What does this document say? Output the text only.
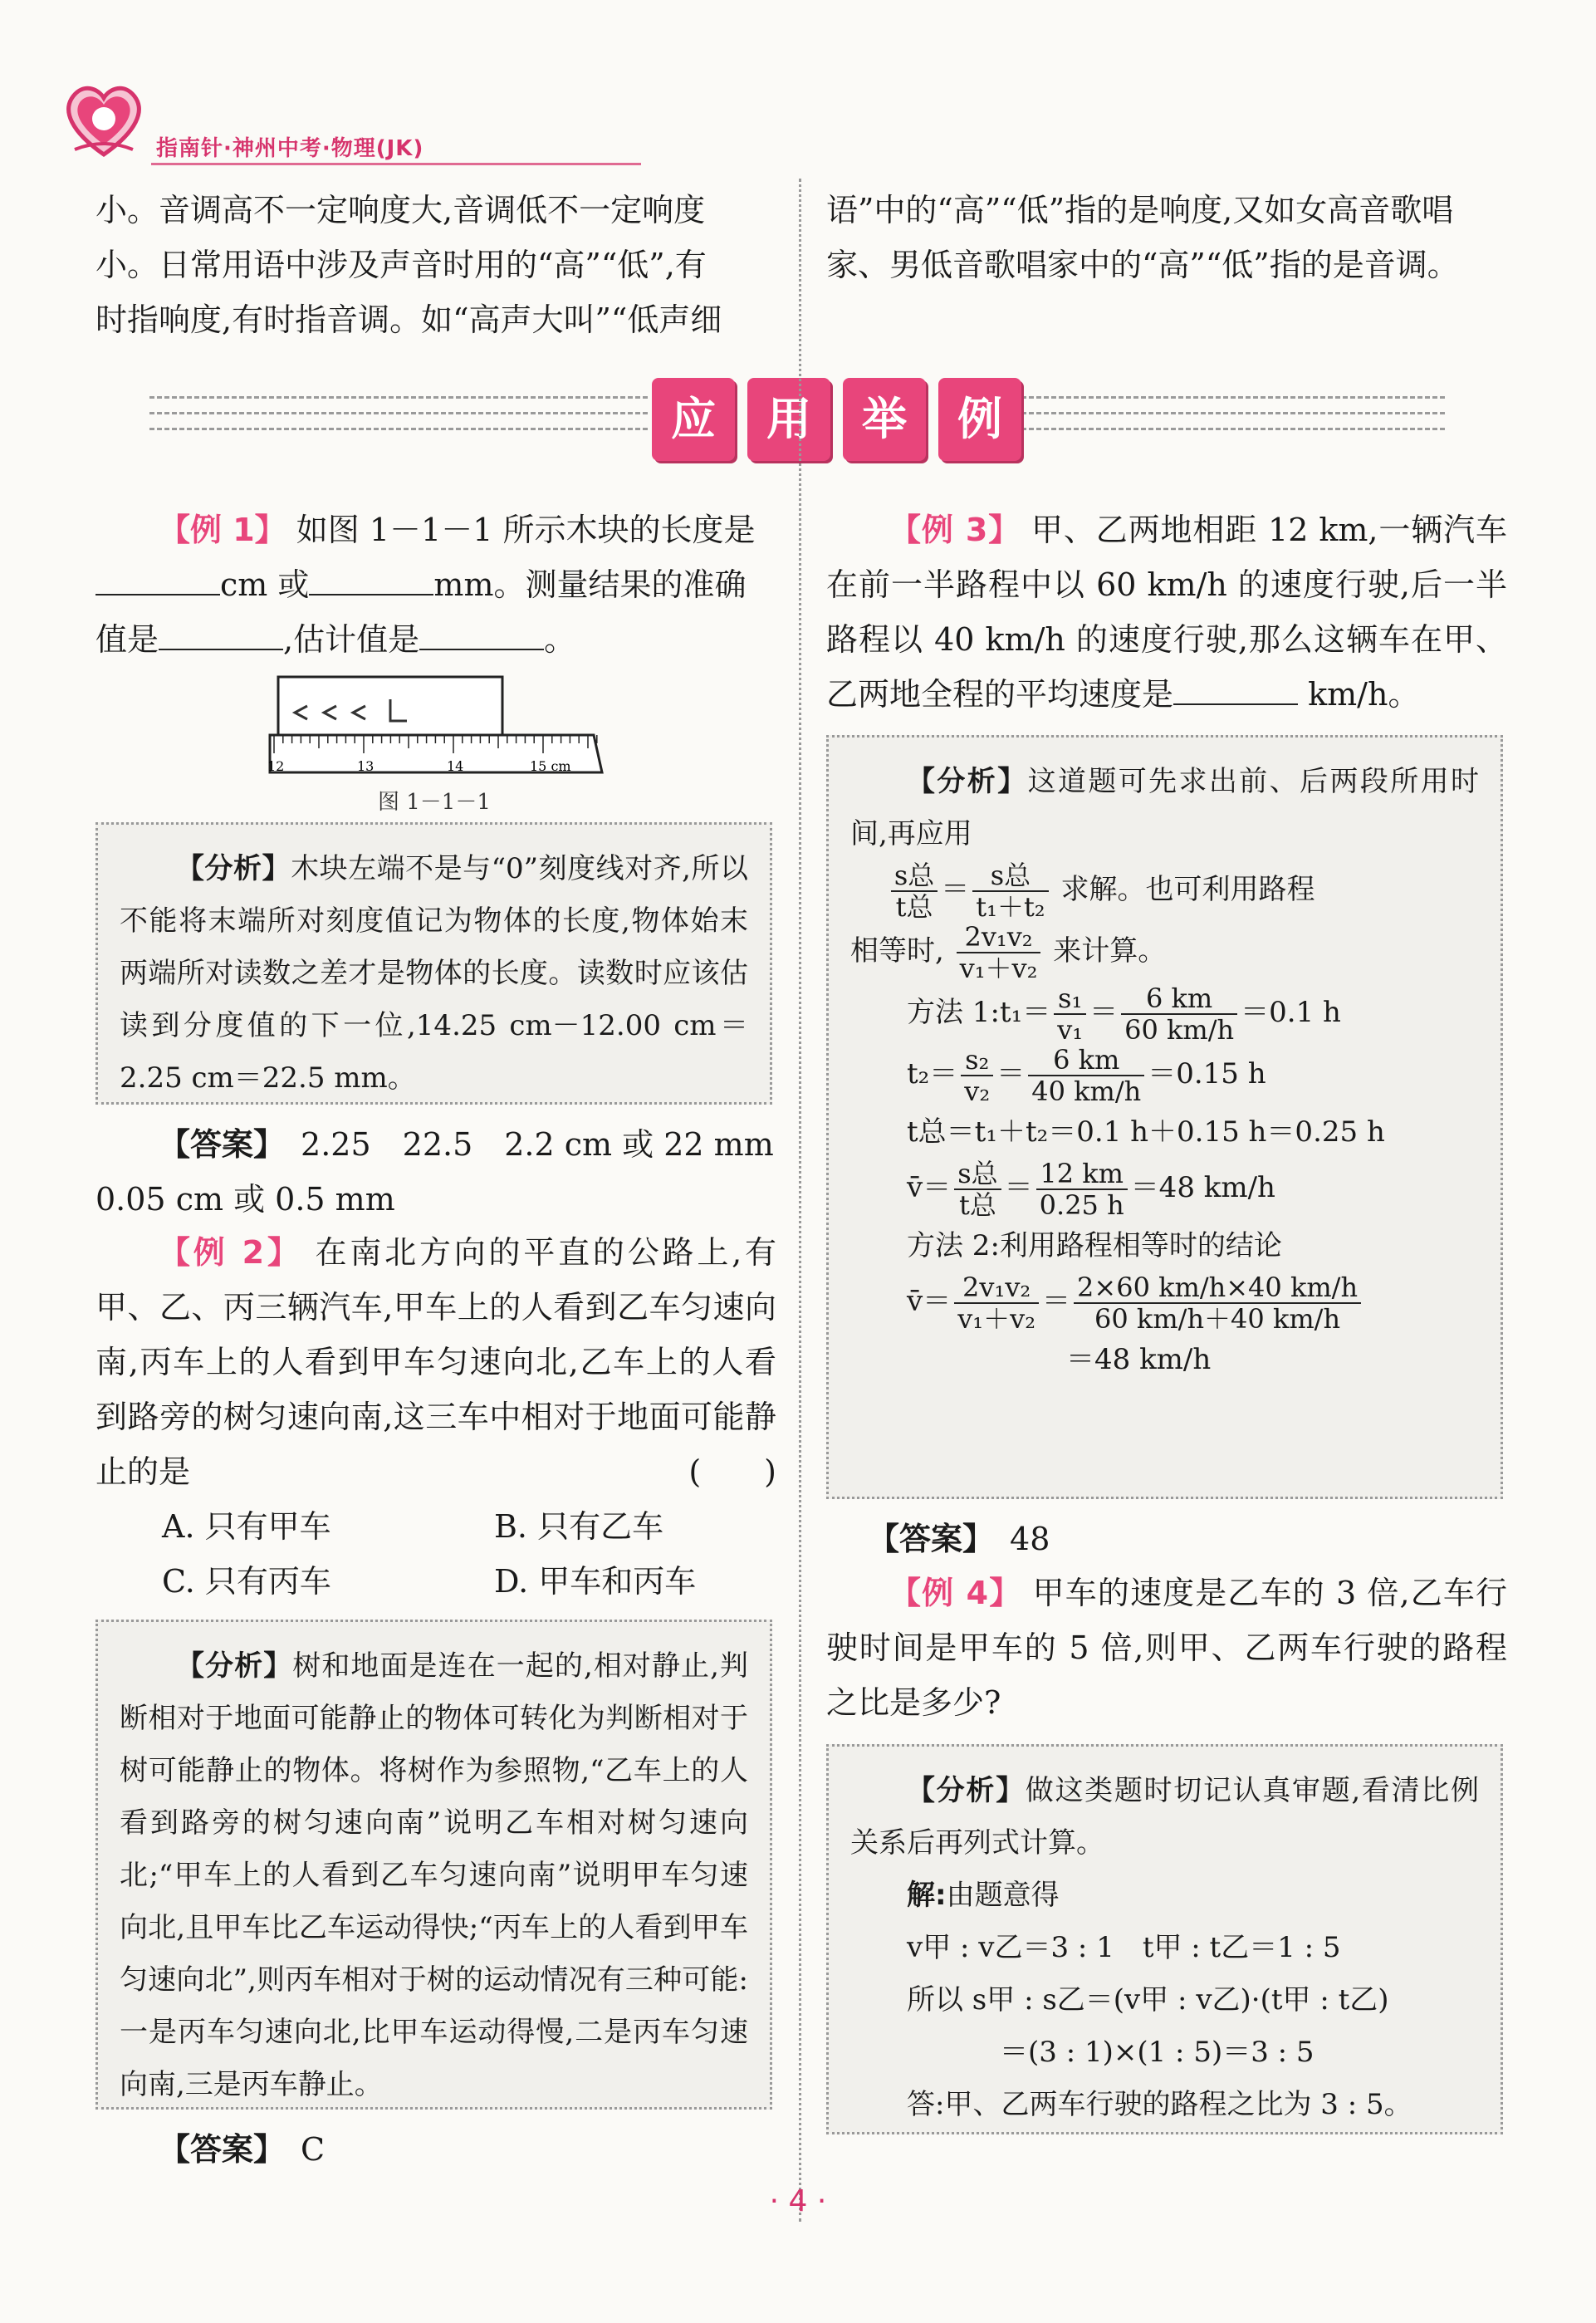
指南针·神州中考·物理(JK)

小。音调高不一定响度大,音调低不一定响度

小。日常用语中涉及声音时用的“高”“低”,有

时指响度,有时指音调。如“高声大叫”“低声细

语”中的“高”“低”指的是响度,又如女高音歌唱

家、男低音歌唱家中的“高”“低”指的是音调。

应	用	举	例

【例 1】 如图 1－1－1 所示木块的长度是

cm 或	mm。测量结果的准确

值是	,估计值是	。

12	13	14	15 cm
图 1－1－1

【分析】木块左端不是与“0”刻度线对齐,所以不能将末端所对刻度值记为物体的长度,物体始末两端所对读数之差才是物体的长度。读数时应该估读到分度值的下一位,14.25 cm－12.00 cm＝2.25 cm＝22.5 mm。

【答案】　 2.25　22.5　2.2 cm 或 22 mm

0.05 cm 或 0.5 mm

【例 2】 在南北方向的平直的公路上,有甲、乙、丙三辆汽车,甲车上的人看到乙车匀速向南,丙车上的人看到甲车匀速向北,乙车上的人看到路旁的树匀速向南,这三车中相对于地面可能静止的是	(　　)

A. 只有甲车	B. 只有乙车
C. 只有丙车	D. 甲车和丙车

【分析】树和地面是连在一起的,相对静止,判断相对于地面可能静止的物体可转化为判断相对于树可能静止的物体。将树作为参照物,“乙车上的人看到路旁的树匀速向南”说明乙车相对树匀速向北;“甲车上的人看到乙车匀速向南”说明甲车匀速向北,且甲车比乙车运动得快;“丙车上的人看到甲车匀速向北”,则丙车相对于树的运动情况有三种可能:一是丙车匀速向北,比甲车运动得慢,二是丙车匀速向南,三是丙车静止。

【答案】　 C

【例 3】 甲、乙两地相距 12 km,一辆汽车在前一半路程中以 60 km/h 的速度行驶,后一半路程以 40 km/h 的速度行驶,那么这辆车在甲、乙两地全程的平均速度是	km/h。

【分析】这道题可先求出前、后两段所用时间,再应用

$\frac{\text{s总}}{\text{t总}} = \frac{\text{s总}}{\text{t₁＋t₂}}$ 求解。也可利用路程

相等时, $\frac{\text{2v₁v₂}}{\text{v₁＋v₂}}$ 来计算。

方法 1:t₁＝ $\frac{\text{s₁}}{\text{v₁}} = \frac{6 km}{60 km/h} =0.1$ h

$t_2= \frac{\text{s₂}}{\text{v₂}} = \frac{6 km}{40 km/h} =0.15$ h

t总＝t₁＋t₂＝0.1 h＋0.15 h＝0.25 h

v̄＝ $\frac{\text{s总}}{\text{t总}} = \frac{12 km}{0.25 h} =48$ km/h

方法 2:利用路程相等时的结论

v̄＝ $\frac{\text{2v₁v₂}}{\text{v₁＋v₂}} = \frac{2\times 60 km/h\times 40 km/h}{60 km/h+40 km/h}$

＝48 km/h

【答案】　 48

【例 4】 甲车的速度是乙车的 3 倍,乙车行驶时间是甲车的 5 倍,则甲、乙两车行驶的路程之比是多少?

【分析】做这类题时切记认真审题,看清比例关系后再列式计算。

解:由题意得

v甲 : v乙＝3 : 1　t甲 : t乙＝1 : 5

所以 s甲 : s乙＝(v甲 : v乙)·(t甲 : t乙)

＝(3 : 1)×(1 : 5)＝3 : 5

答:甲、乙两车行驶的路程之比为 3 : 5。

· 4 ·
